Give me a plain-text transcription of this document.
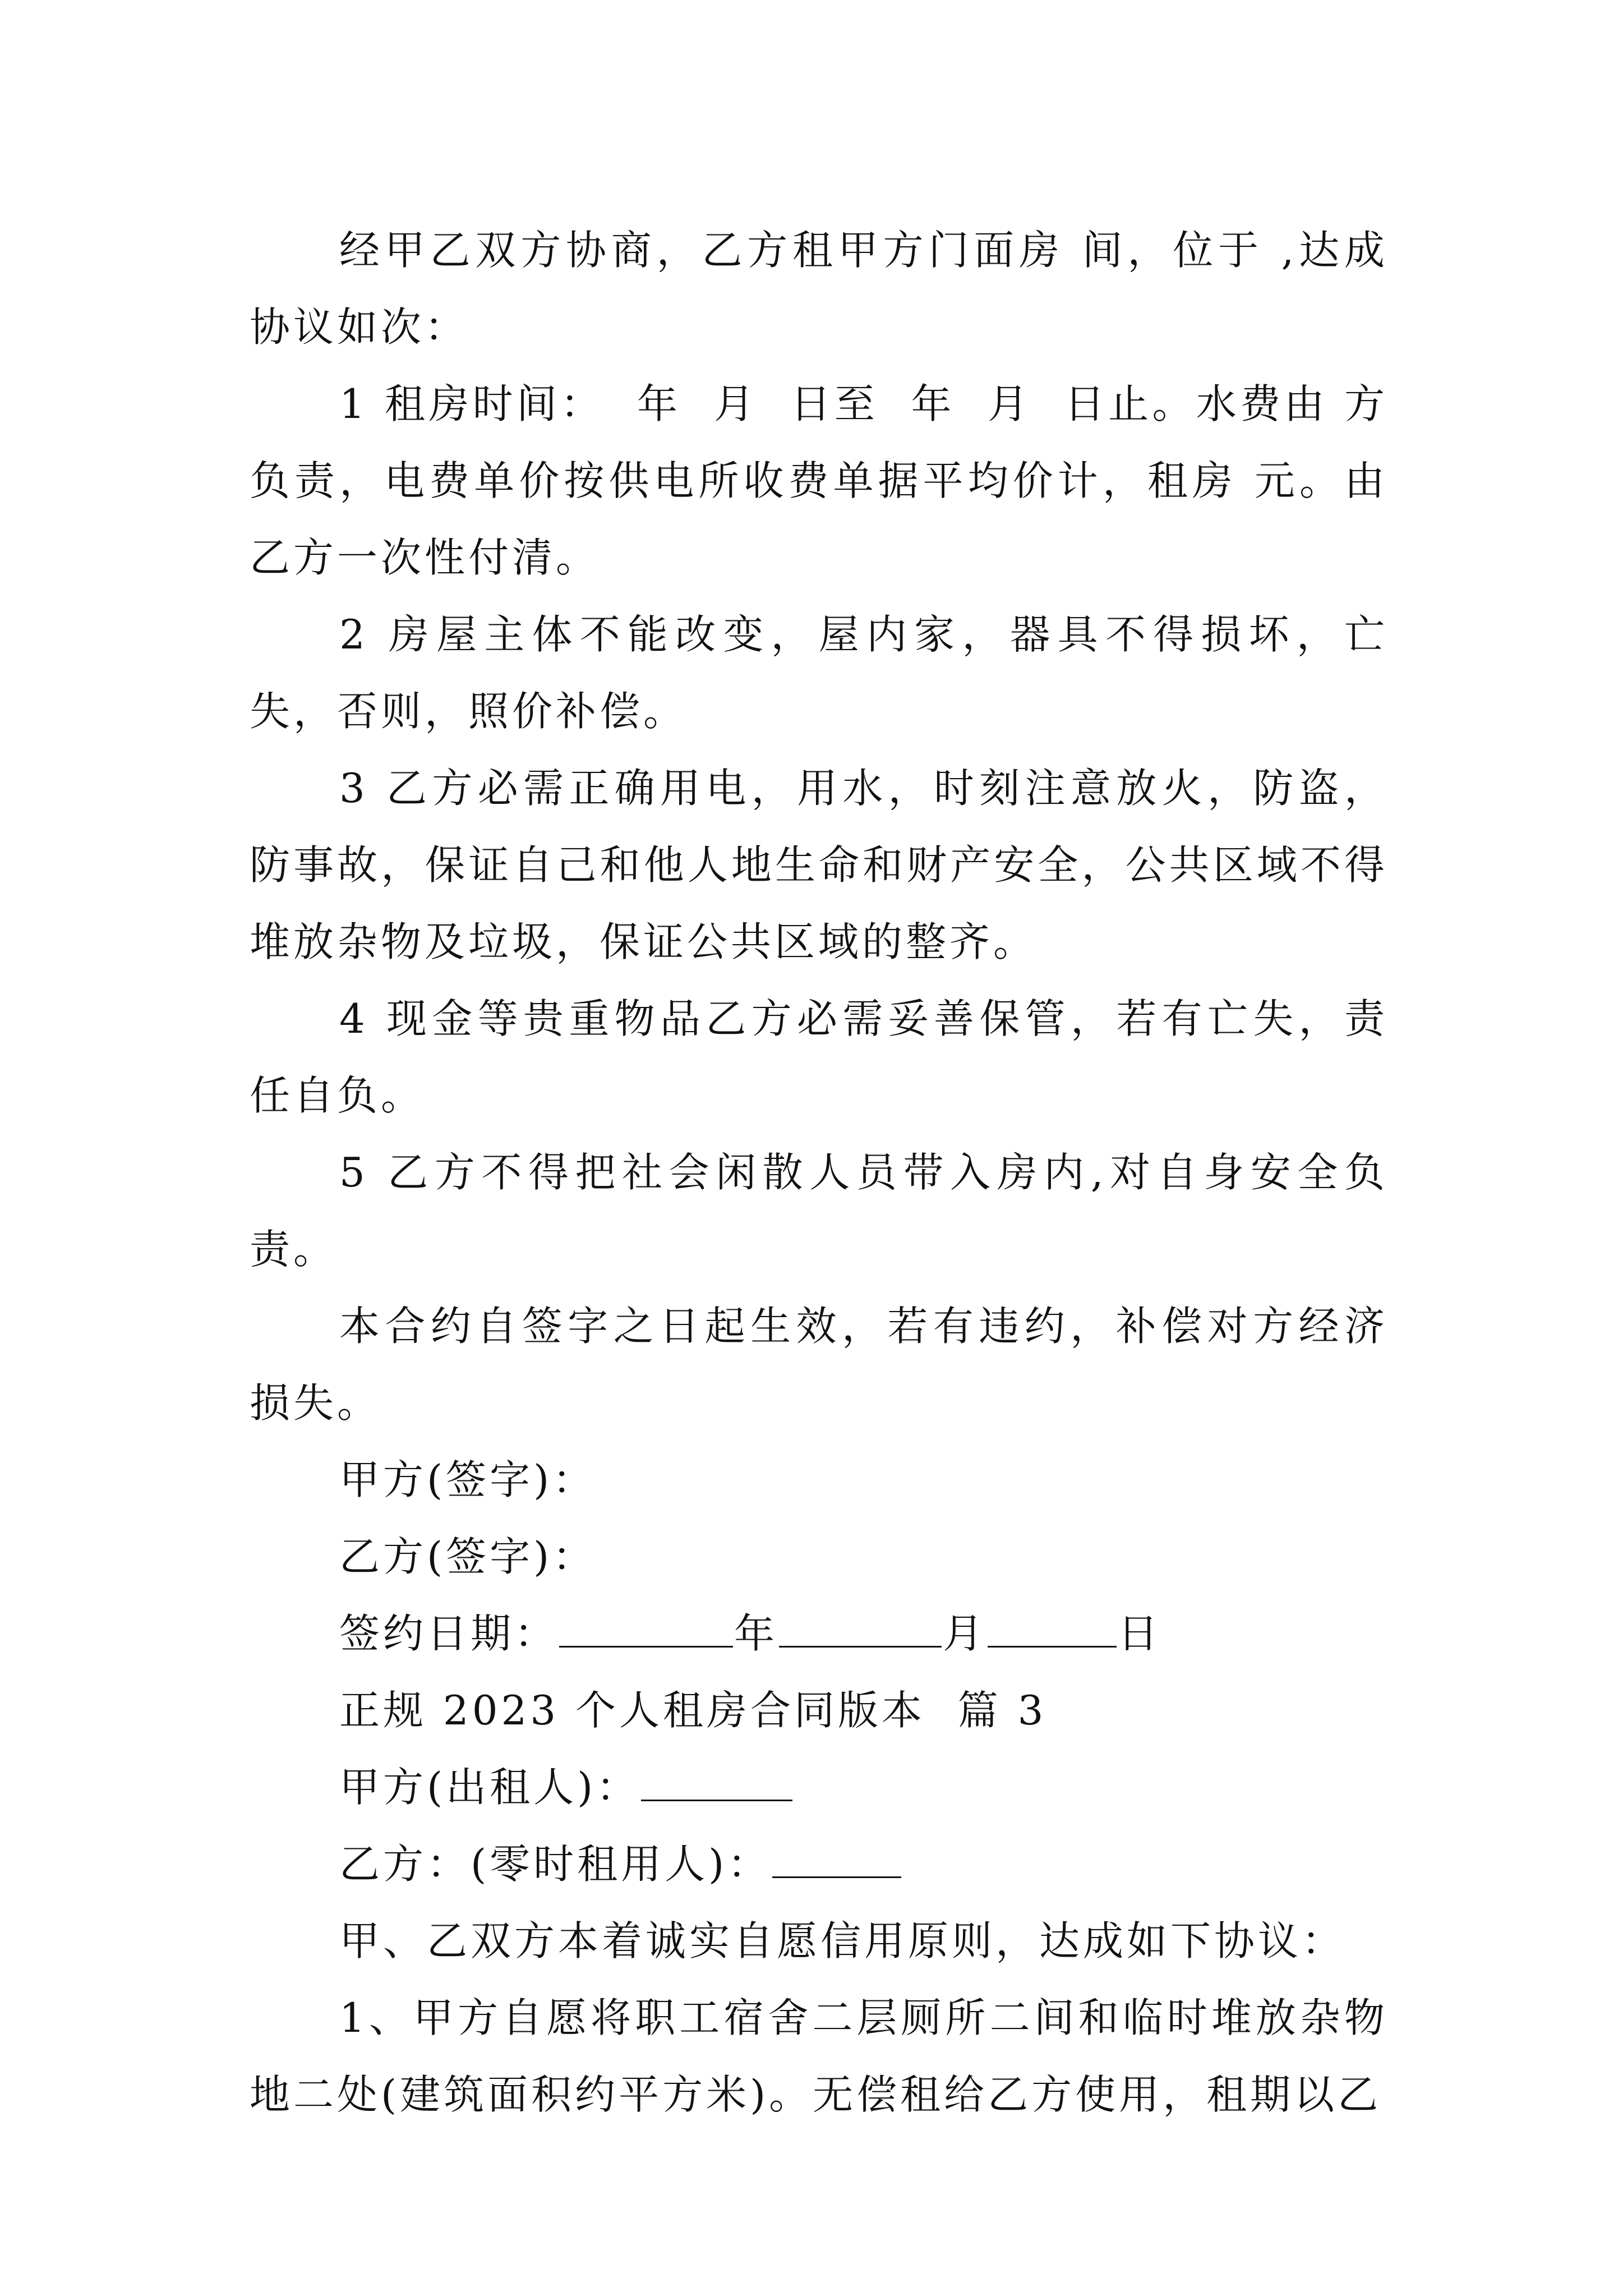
经甲乙双方协商，乙方租甲方门面房 间，位于 ,达成协议如次：

1 租房时间：  年  月  日至  年  月  日止。水费由 方负责，电费单价按供电所收费单据平均价计，租房 元。由乙方一次性付清。

2 房屋主体不能改变，屋内家，器具不得损坏，亡失，否则，照价补偿。

3 乙方必需正确用电，用水，时刻注意放火，防盗，防事故，保证自己和他人地生命和财产安全，公共区域不得堆放杂物及垃圾，保证公共区域的整齐。

4 现金等贵重物品乙方必需妥善保管，若有亡失，责任自负。

5 乙方不得把社会闲散人员带入房内,对自身安全负责。

本合约自签字之日起生效，若有违约，补偿对方经济损失。

甲方(签字)：

乙方(签字)：

签约日期：	年	月	日

正规 2023 个人租房合同版本  篇 3

甲方(出租人)：

乙方：(零时租用人)：

甲、乙双方本着诚实自愿信用原则，达成如下协议：

1、甲方自愿将职工宿舍二层厕所二间和临时堆放杂物地二处(建筑面积约平方米)。无偿租给乙方使用，租期以乙
